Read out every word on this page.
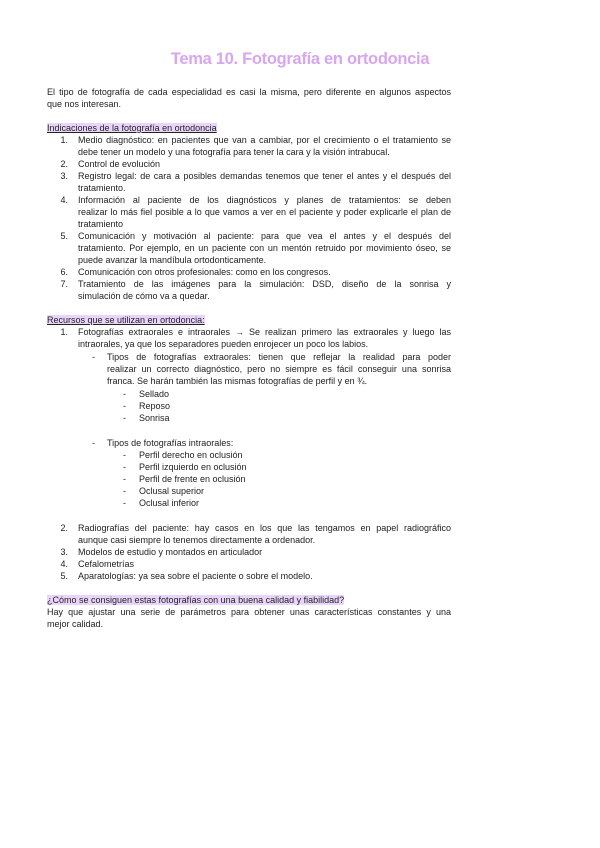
Tema 10. Fotografía en ortodoncia
El tipo de fotografía de cada especialidad es casi la misma, pero diferente en algunos aspectos
que nos interesan.
Indicaciones de la fotografía en ortodoncia
1. Medio diagnóstico: en pacientes que van a cambiar, por el crecimiento o el tratamiento se
debe tener un modelo y una fotografía para tener la cara y la visión intrabucal.
2. Control de evolución
3. Registro legal: de cara a posibles demandas tenemos que tener el antes y el después del
tratamiento.
4. Información al paciente de los diagnósticos y planes de tratamientos: se deben
realizar lo más fiel posible a lo que vamos a ver en el paciente y poder explicarle el plan de
tratamiento
5. Comunicación y motivación al paciente: para que vea el antes y el después del
tratamiento. Por ejemplo, en un paciente con un mentón retruido por movimiento óseo, se
puede avanzar la mandíbula ortodonticamente.
6. Comunicación con otros profesionales: como en los congresos.
7. Tratamiento de las imágenes para la simulación: DSD, diseño de la sonrisa y
simulación de cómo va a quedar.
Recursos que se utilizan en ortodoncia:
1. Fotografías extraorales e intraorales → Se realizan primero las extraorales y luego las
intraorales, ya que los separadores pueden enrojecer un poco los labios.
- Tipos de fotografías extraorales: tienen que reflejar la realidad para poder
realizar un correcto diagnóstico, pero no siempre es fácil conseguir una sonrisa
franca. Se harán también las mismas fotografías de perfil y en ¾.
- Sellado
- Reposo
- Sonrisa
- Tipos de fotografías intraorales:
- Perfil derecho en oclusión
- Perfil izquierdo en oclusión
- Perfil de frente en oclusión
- Oclusal superior
- Oclusal inferior
2. Radiografías del paciente: hay casos en los que las tengamos en papel radiográfico
aunque casi siempre lo tenemos directamente a ordenador.
3. Modelos de estudio y montados en articulador
4. Cefalometrías
5. Aparatologías: ya sea sobre el paciente o sobre el modelo.
¿Cómo se consiguen estas fotografías con una buena calidad y fiabilidad?
Hay que ajustar una serie de parámetros para obtener unas características constantes y una
mejor calidad.
